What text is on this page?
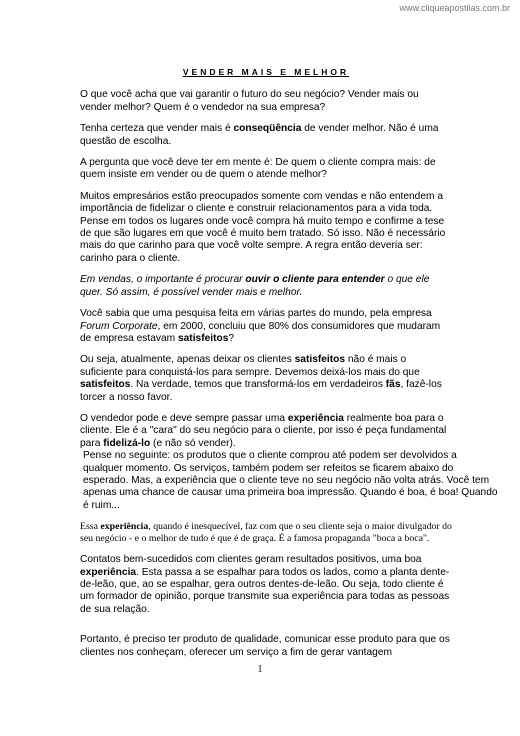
www.cliqueapostilas.com.br
VENDER MAIS E MELHOR

O que você acha que vai garantir o futuro do seu negócio? Vender mais ou vender melhor? Quem é o vendedor na sua empresa?

Tenha certeza que vender mais é conseqüência de vender melhor. Não é uma questão de escolha.

A pergunta que você deve ter em mente é: De quem o cliente compra mais: de quem insiste em vender ou de quem o atende melhor?

Muitos empresários estão preocupados somente com vendas e não entendem a importância de fidelizar o cliente e construir relacionamentos para a vida toda.

Pense em todos os lugares onde você compra há muito tempo e confirme a tese de que são lugares em que você é muito bem tratado. Só isso. Não é necessário mais do que carinho para que você volte sempre. A regra então deveria ser: carinho para o cliente.

Em vendas, o importante é procurar ouvir o cliente para entender o que ele quer. Só assim, é possível vender mais e melhor.

Você sabia que uma pesquisa feita em várias partes do mundo, pela empresa Forum Corporate, em 2000, concluiu que 80% dos consumidores que mudaram de empresa estavam satisfeitos?

Ou seja, atualmente, apenas deixar os clientes satisfeitos não é mais o suficiente para conquistá-los para sempre. Devemos deixá-los mais do que satisfeitos. Na verdade, temos que transformá-los em verdadeiros fãs, fazê-los torcer a nosso favor.

O vendedor pode e deve sempre passar uma experiência realmente boa para o cliente. Ele é a "cara" do seu negócio para o cliente, por isso é peça fundamental para fidelizá-lo (e não só vender).

Pense no seguinte: os produtos que o cliente comprou até podem ser devolvidos a qualquer momento. Os serviços, também podem ser refeitos se ficarem abaixo do esperado. Mas, a experiência que o cliente teve no seu negócio não volta atrás. Você tem apenas uma chance de causar uma primeira boa impressão. Quando é boa, é boa! Quando é ruim...

Essa experiência, quando é inesquecível, faz com que o seu cliente seja o maior divulgador do seu negócio - e o melhor de tudo é que é de graça. É a famosa propaganda "boca a boca".

Contatos bem-sucedidos com clientes geram resultados positivos, uma boa experiência. Esta passa a se espalhar para todos os lados, como a planta dente-de-leão, que, ao se espalhar, gera outros dentes-de-leão. Ou seja, todo cliente é um formador de opinião, porque transmite sua experiência para todas as pessoas de sua relação.

Portanto, é preciso ter produto de qualidade, comunicar esse produto para que os clientes nos conheçam, oferecer um serviço a fim de gerar vantagem

1
